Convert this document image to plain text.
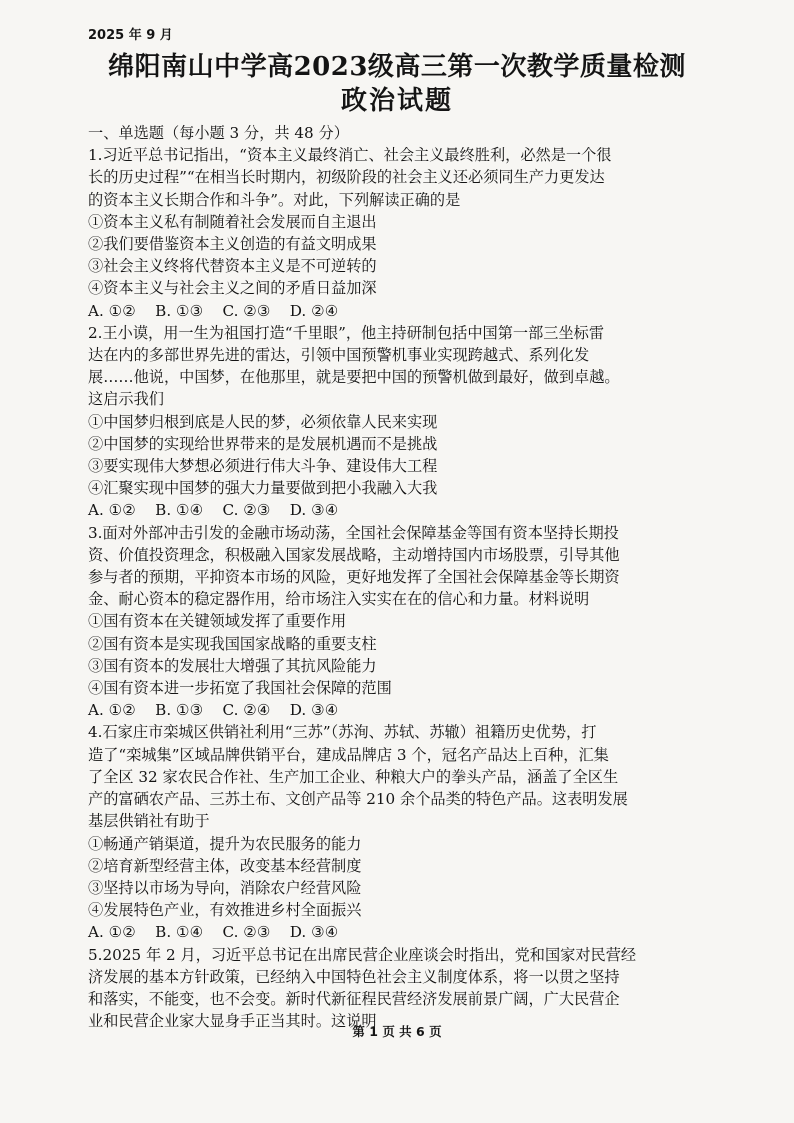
2025 年 9 月
绵阳南山中学高2023级高三第一次教学质量检测
政治试题
一、单选题（每小题 3 分，共 48 分）
1.习近平总书记指出，“资本主义最终消亡、社会主义最终胜利，必然是一个很
长的历史过程”“在相当长时期内，初级阶段的社会主义还必须同生产力更发达
的资本主义长期合作和斗争”。对此，下列解读正确的是
①资本主义私有制随着社会发展而自主退出
②我们要借鉴资本主义创造的有益文明成果
③社会主义终将代替资本主义是不可逆转的
④资本主义与社会主义之间的矛盾日益加深
A. ①②    B. ①③    C. ②③    D. ②④
2.王小谟，用一生为祖国打造“千里眼”，他主持研制包括中国第一部三坐标雷
达在内的多部世界先进的雷达，引领中国预警机事业实现跨越式、系列化发
展……他说，中国梦，在他那里，就是要把中国的预警机做到最好，做到卓越。
这启示我们
①中国梦归根到底是人民的梦，必须依靠人民来实现
②中国梦的实现给世界带来的是发展机遇而不是挑战
③要实现伟大梦想必须进行伟大斗争、建设伟大工程
④汇聚实现中国梦的强大力量要做到把小我融入大我
A. ①②    B. ①④    C. ②③    D. ③④
3.面对外部冲击引发的金融市场动荡，全国社会保障基金等国有资本坚持长期投
资、价值投资理念，积极融入国家发展战略，主动增持国内市场股票，引导其他
参与者的预期，平抑资本市场的风险，更好地发挥了全国社会保障基金等长期资
金、耐心资本的稳定器作用，给市场注入实实在在的信心和力量。材料说明
①国有资本在关键领域发挥了重要作用
②国有资本是实现我国国家战略的重要支柱
③国有资本的发展壮大增强了其抗风险能力
④国有资本进一步拓宽了我国社会保障的范围
A. ①②    B. ①③    C. ②④    D. ③④
4.石家庄市栾城区供销社利用“三苏”（苏洵、苏轼、苏辙）祖籍历史优势，打
造了“栾城集”区域品牌供销平台，建成品牌店 3 个，冠名产品达上百种，汇集
了全区 32 家农民合作社、生产加工企业、种粮大户的拳头产品，涵盖了全区生
产的富硒农产品、三苏土布、文创产品等 210 余个品类的特色产品。这表明发展
基层供销社有助于
①畅通产销渠道，提升为农民服务的能力
②培育新型经营主体，改变基本经营制度
③坚持以市场为导向，消除农户经营风险
④发展特色产业，有效推进乡村全面振兴
A. ①②    B. ①④    C. ②③    D. ③④
5.2025 年 2 月，习近平总书记在出席民营企业座谈会时指出，党和国家对民营经
济发展的基本方针政策，已经纳入中国特色社会主义制度体系，将一以贯之坚持
和落实，不能变，也不会变。新时代新征程民营经济发展前景广阔，广大民营企
业和民营企业家大显身手正当其时。这说明
第 1 页 共 6 页
